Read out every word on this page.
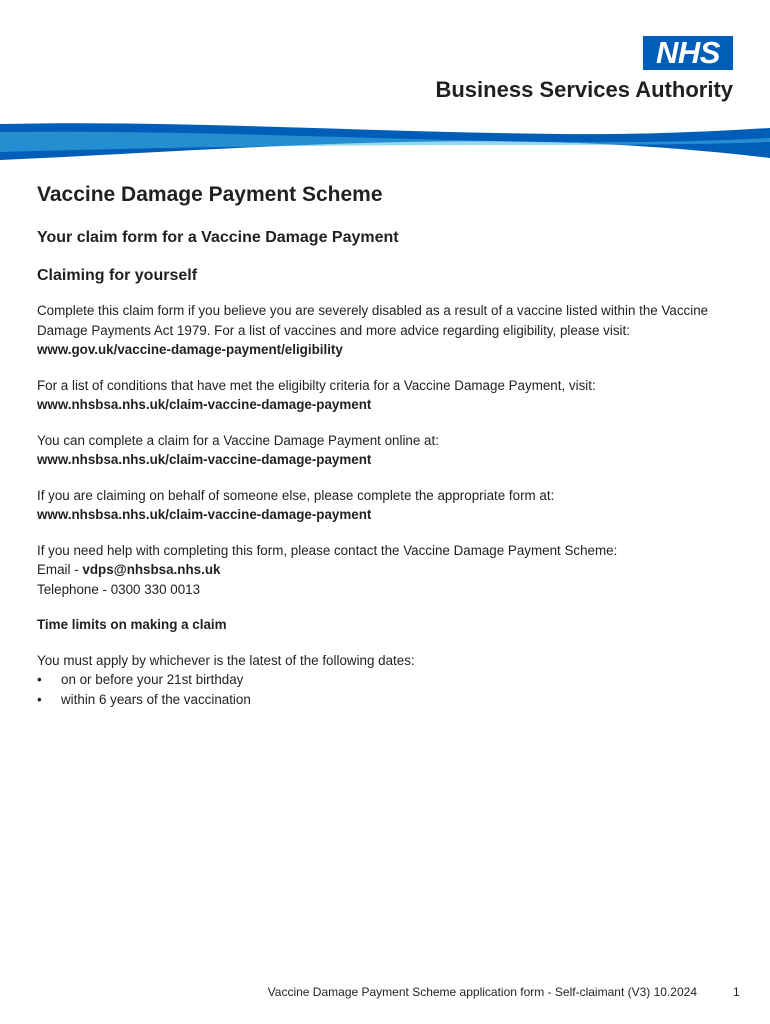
NHS
Business Services Authority
Vaccine Damage Payment Scheme
Your claim form for a Vaccine Damage Payment
Claiming for yourself

Complete this claim form if you believe you are severely disabled as a result of a vaccine listed within the Vaccine Damage Payments Act 1979. For a list of vaccines and more advice regarding eligibility, please visit: www.gov.uk/vaccine-damage-payment/eligibility

For a list of conditions that have met the eligibilty criteria for a Vaccine Damage Payment, visit:
www.nhsbsa.nhs.uk/claim-vaccine-damage-payment

You can complete a claim for a Vaccine Damage Payment online at:
www.nhsbsa.nhs.uk/claim-vaccine-damage-payment

If you are claiming on behalf of someone else, please complete the appropriate form at:
www.nhsbsa.nhs.uk/claim-vaccine-damage-payment

If you need help with completing this form, please contact the Vaccine Damage Payment Scheme:
Email - vdps@nhsbsa.nhs.uk
Telephone - 0300 330 0013

Time limits on making a claim

You must apply by whichever is the latest of the following dates:

• on or before your 21st birthday
• within 6 years of the vaccination
Vaccine Damage Payment Scheme application form - Self-claimant (V3) 10.2024	1
